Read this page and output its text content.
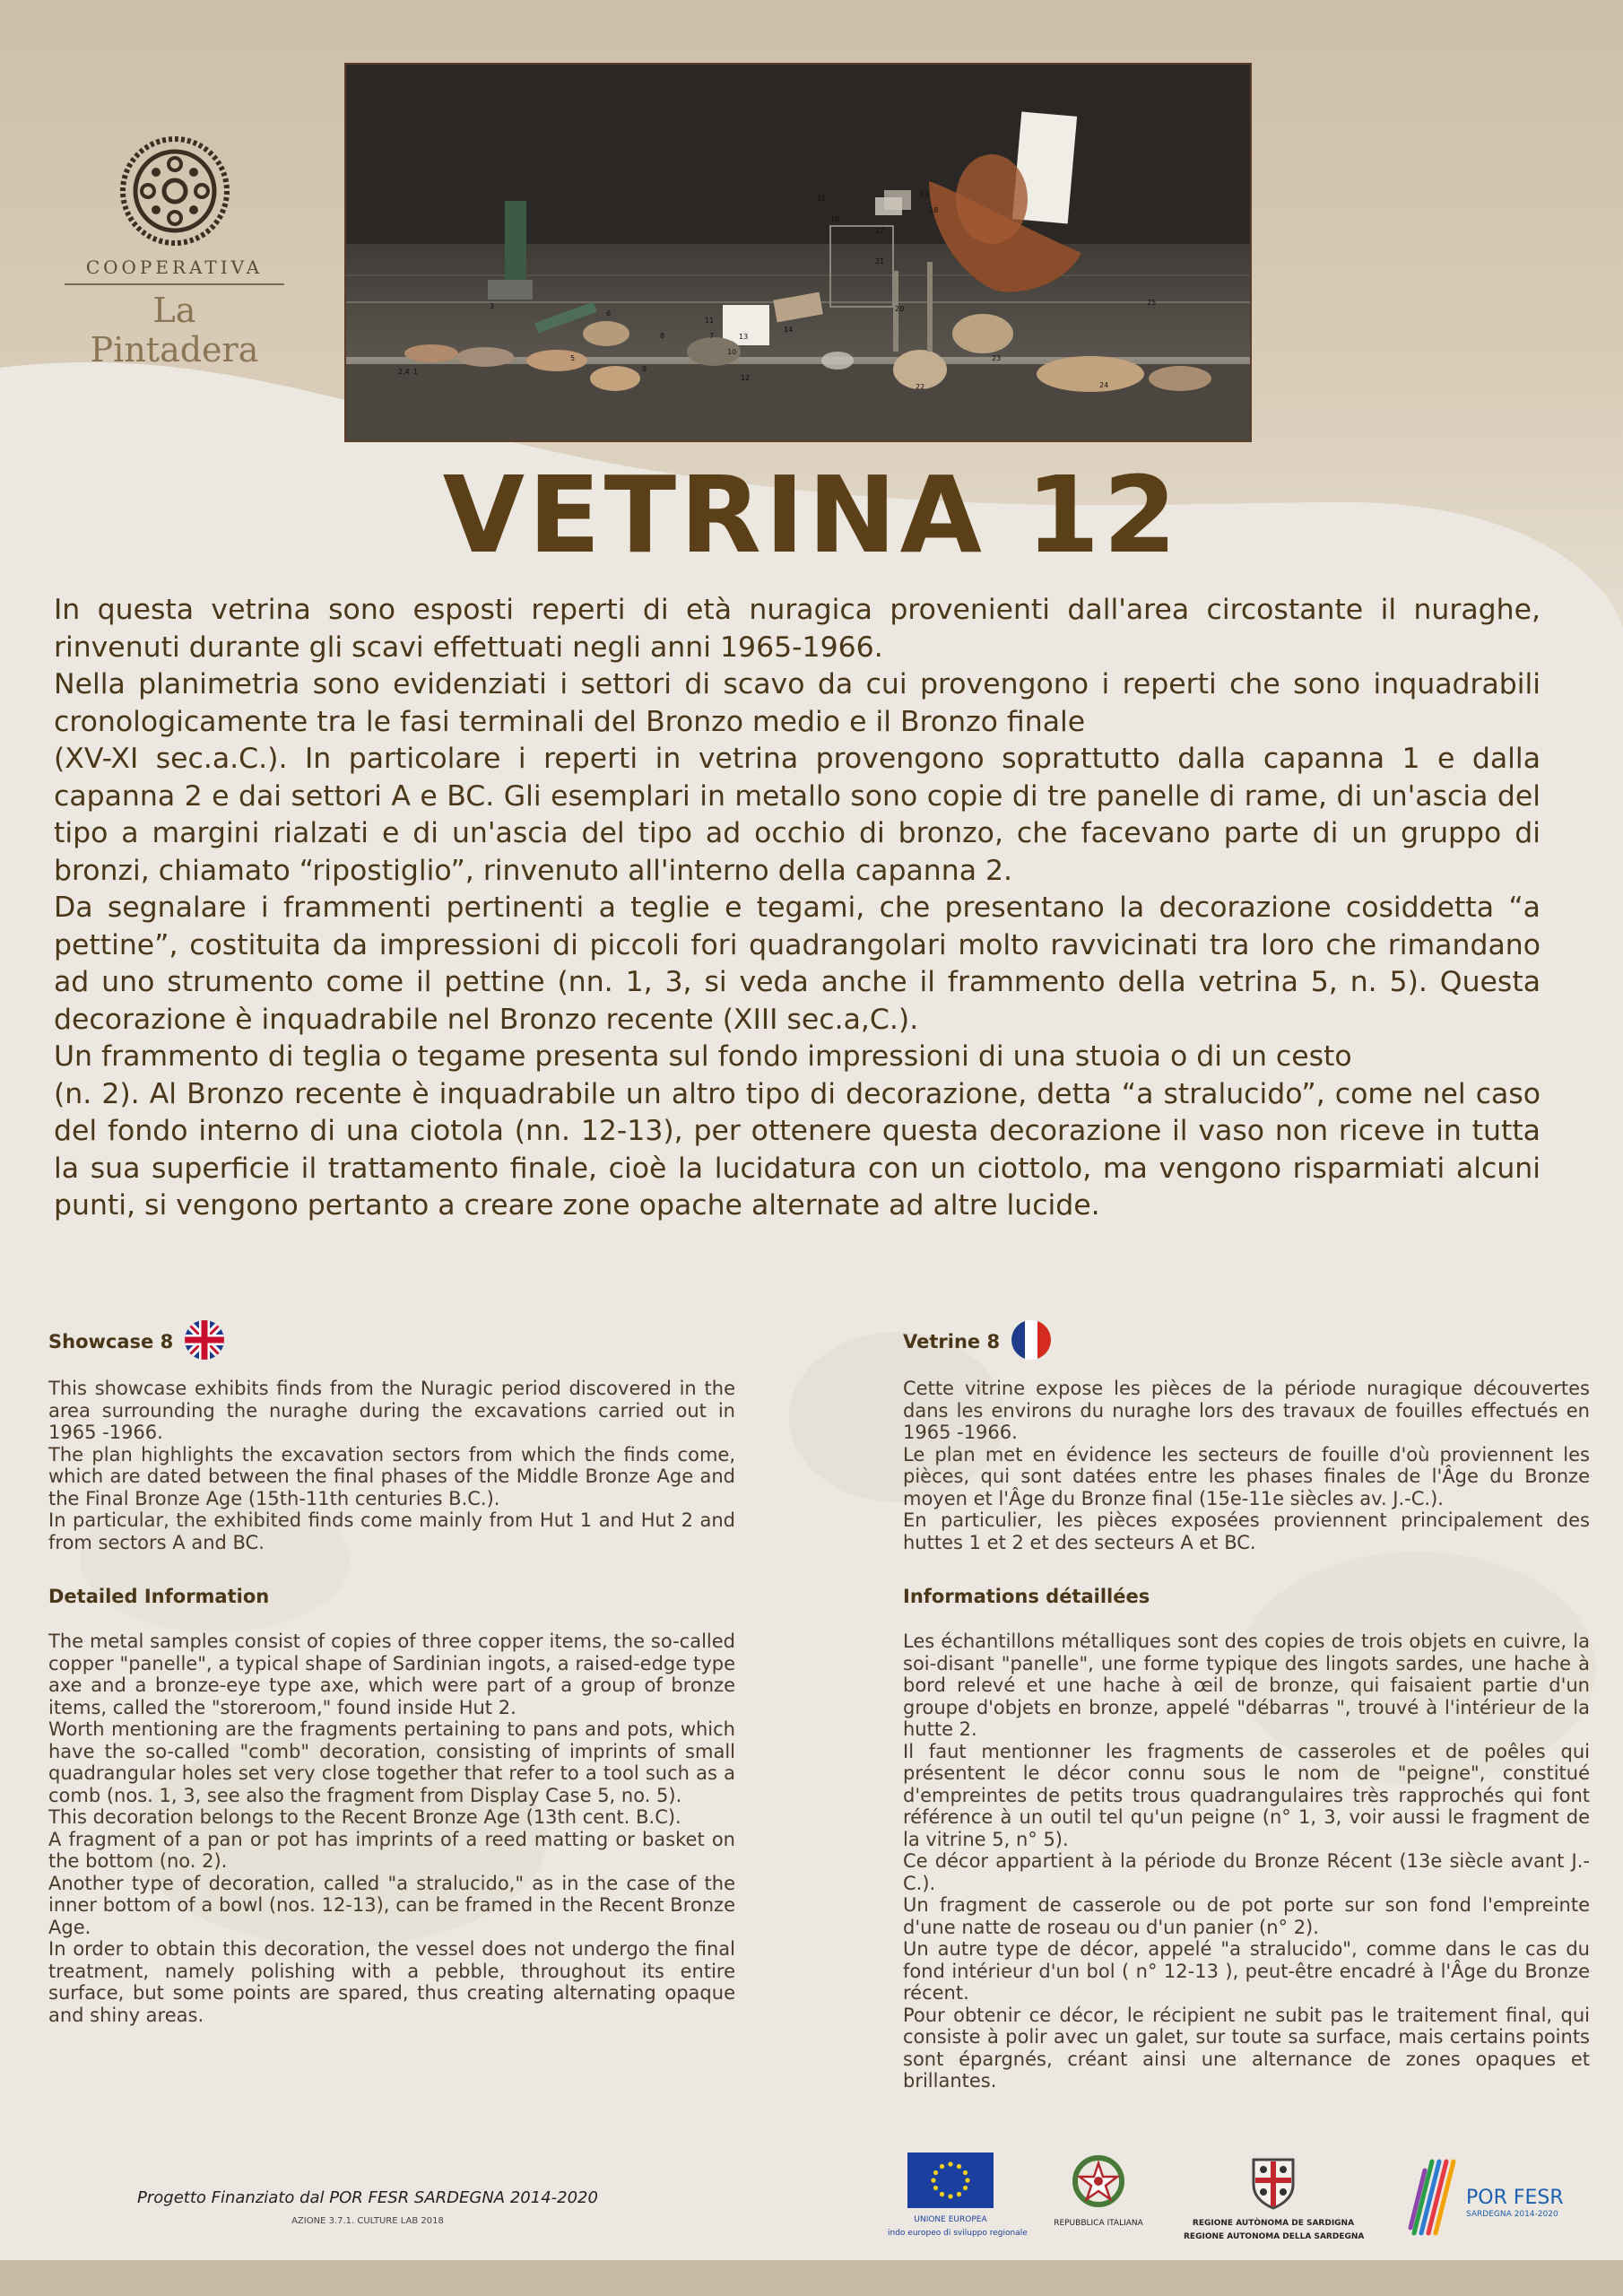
COOPERATIVA
La Pintadera
1
2,4
3
5
6
7
8
9
10
11
12
13
14
15
16
17
18
19
20
21
22
23
24
25
VETRINA 12

In questa vetrina sono esposti reperti di età nuragica provenienti dall'area circostante il nuraghe, rinvenuti durante gli scavi effettuati negli anni 1965-1966.

Nella planimetria sono evidenziati i settori di scavo da cui provengono i reperti che sono inquadrabili cronologicamente tra le fasi terminali del Bronzo medio e il Bronzo finale

(XV-XI sec.a.C.). In particolare i reperti in vetrina provengono soprattutto dalla capanna 1 e dalla capanna 2 e dai settori A e BC. Gli esemplari in metallo sono copie di tre panelle di rame, di un'ascia del tipo a margini rialzati e di un'ascia del tipo ad occhio di bronzo, che facevano parte di un gruppo di bronzi, chiamato “ripostiglio”, rinvenuto all'interno della capanna 2.

Da segnalare i frammenti pertinenti a teglie e tegami, che presentano la decorazione cosiddetta “a pettine”, costituita da impressioni di piccoli fori quadrangolari molto ravvicinati tra loro che rimandano ad uno strumento come il pettine (nn. 1, 3, si veda anche il frammento della vetrina 5, n. 5). Questa decorazione è inquadrabile nel Bronzo recente (XIII sec.a,C.).

Un frammento di teglia o tegame presenta sul fondo impressioni di una stuoia o di un cesto

(n. 2). Al Bronzo recente è inquadrabile un altro tipo di decorazione, detta “a stralucido”, come nel caso del fondo interno di una ciotola (nn. 12-13), per ottenere questa decorazione il vaso non riceve in tutta la sua superficie il trattamento finale, cioè la lucidatura con un ciottolo, ma vengono risparmiati alcuni punti, si vengono pertanto a creare zone opache alternate ad altre lucide.

Showcase 8

This showcase exhibits finds from the Nuragic period discovered in the area surrounding the nuraghe during the excavations carried out in 1965 -1966.

The plan highlights the excavation sectors from which the finds come, which are dated between the final phases of the Middle Bronze Age and the Final Bronze Age (15th-11th centuries B.C.).

In particular, the exhibited finds come mainly from Hut 1 and Hut 2 and from sectors A and BC.

Detailed Information

The metal samples consist of copies of three copper items, the so-called copper "panelle", a typical shape of Sardinian ingots, a raised-edge type axe and a bronze-eye type axe, which were part of a group of bronze items, called the "storeroom," found inside Hut 2.

Worth mentioning are the fragments pertaining to pans and pots, which have the so-called "comb" decoration, consisting of imprints of small quadrangular holes set very close together that refer to a tool such as a comb (nos. 1, 3, see also the fragment from Display Case 5, no. 5).

This decoration belongs to the Recent Bronze Age (13th cent. B.C).

A fragment of a pan or pot has imprints of a reed matting or basket on the bottom (no. 2).

Another type of decoration, called "a stralucido," as in the case of the inner bottom of a bowl (nos. 12-13), can be framed in the Recent Bronze Age.

In order to obtain this decoration, the vessel does not undergo the final treatment, namely polishing with a pebble, throughout its entire surface, but some points are spared, thus creating alternating opaque and shiny areas.

Vetrine 8

Cette vitrine expose les pièces de la période nuragique découvertes dans les environs du nuraghe lors des travaux de fouilles effectués en 1965 -1966.

Le plan met en évidence les secteurs de fouille d'où proviennent les pièces, qui sont datées entre les phases finales de l'Âge du Bronze moyen et l'Âge du Bronze final (15e-11e siècles av. J.-C.).

En particulier, les pièces exposées proviennent principalement des huttes 1 et 2 et des secteurs A et BC.

Informations détaillées

Les échantillons métalliques sont des copies de trois objets en cuivre, la soi-disant "panelle", une forme typique des lingots sardes, une hache à bord relevé et une hache à œil de bronze, qui faisaient partie d'un groupe d'objets en bronze, appelé "débarras ", trouvé à l'intérieur de la hutte 2.

Il faut mentionner les fragments de casseroles et de poêles qui présentent le décor connu sous le nom de "peigne", constitué d'empreintes de petits trous quadrangulaires très rapprochés qui font référence à un outil tel qu'un peigne (n° 1, 3, voir aussi le fragment de la vitrine 5, n° 5).

Ce décor appartient à la période du Bronze Récent (13e siècle avant J.-C.).

Un fragment de casserole ou de pot porte sur son fond l'empreinte d'une natte de roseau ou d'un panier (n° 2).

Un autre type de décor, appelé "a stralucido", comme dans le cas du fond intérieur d'un bol ( n° 12-13 ), peut-être encadré à l'Âge du Bronze récent.

Pour obtenir ce décor, le récipient ne subit pas le traitement final, qui consiste à polir avec un galet, sur toute sa surface, mais certains points sont épargnés, créant ainsi une alternance de zones opaques et brillantes.

Progetto Finanziato dal POR FESR SARDEGNA 2014-2020
AZIONE 3.7.1. CULTURE LAB 2018	UNIONE EUROPEA
indo europeo di sviluppo regionale
REPUBBLICA ITALIANA	REGIONE AUTÒNOMA DE SARDIGNA
REGIONE AUTONOMA DELLA SARDEGNA
POR FESR
SARDEGNA 2014-2020
